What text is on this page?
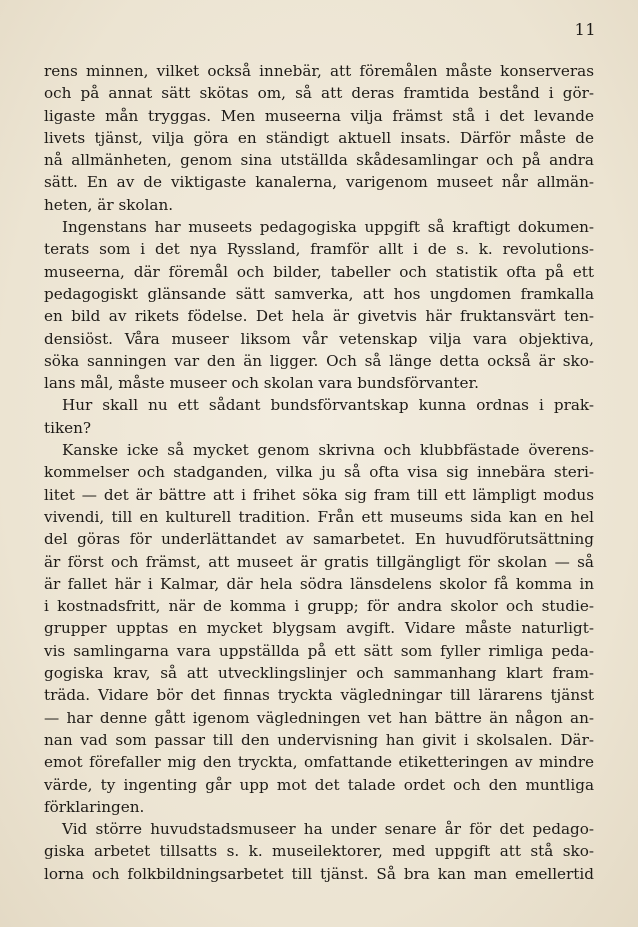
11
rens minnen, vilket också innebär, att föremålen måste konserveras
och på annat sätt skötas om, så att deras framtida bestånd i gör-
ligaste mån tryggas. Men museerna vilja främst stå i det levande
livets tjänst, vilja göra en ständigt aktuell insats. Därför måste de
nå allmänheten, genom sina utställda skådesamlingar och på andra
sätt. En av de viktigaste kanalerna, varigenom museet når allmän-
heten, är skolan.
Ingenstans har museets pedagogiska uppgift så kraftigt dokumen-
terats som i det nya Ryssland, framför allt i de s. k. revolutions-
museerna, där föremål och bilder, tabeller och statistik ofta på ett
pedagogiskt glänsande sätt samverka, att hos ungdomen framkalla
en bild av rikets födelse. Det hela är givetvis här fruktansvärt ten-
densiöst. Våra museer liksom vår vetenskap vilja vara objektiva,
söka sanningen var den än ligger. Och så länge detta också är sko-
lans mål, måste museer och skolan vara bundsförvanter.
Hur skall nu ett sådant bundsförvantskap kunna ordnas i prak-
tiken?
Kanske icke så mycket genom skrivna och klubbfästade överens-
kommelser och stadganden, vilka ju så ofta visa sig innebära steri-
litet — det är bättre att i frihet söka sig fram till ett lämpligt modus
vivendi, till en kulturell tradition. Från ett museums sida kan en hel
del göras för underlättandet av samarbetet. En huvudförutsättning
är först och främst, att museet är gratis tillgängligt för skolan — så
är fallet här i Kalmar, där hela södra länsdelens skolor få komma in
i kostnadsfritt, när de komma i grupp; för andra skolor och studie-
grupper upptas en mycket blygsam avgift. Vidare måste naturligt-
vis samlingarna vara uppställda på ett sätt som fyller rimliga peda-
gogiska krav, så att utvecklingslinjer och sammanhang klart fram-
träda. Vidare bör det finnas tryckta vägledningar till lärarens tjänst
— har denne gått igenom vägledningen vet han bättre än någon an-
nan vad som passar till den undervisning han givit i skolsalen. Där-
emot förefaller mig den tryckta, omfattande etiketteringen av mindre
värde, ty ingenting går upp mot det talade ordet och den muntliga
förklaringen.
Vid större huvudstadsmuseer ha under senare år för det pedago-
giska arbetet tillsatts s. k. museilektorer, med uppgift att stå sko-
lorna och folkbildningsarbetet till tjänst. Så bra kan man emellertid
